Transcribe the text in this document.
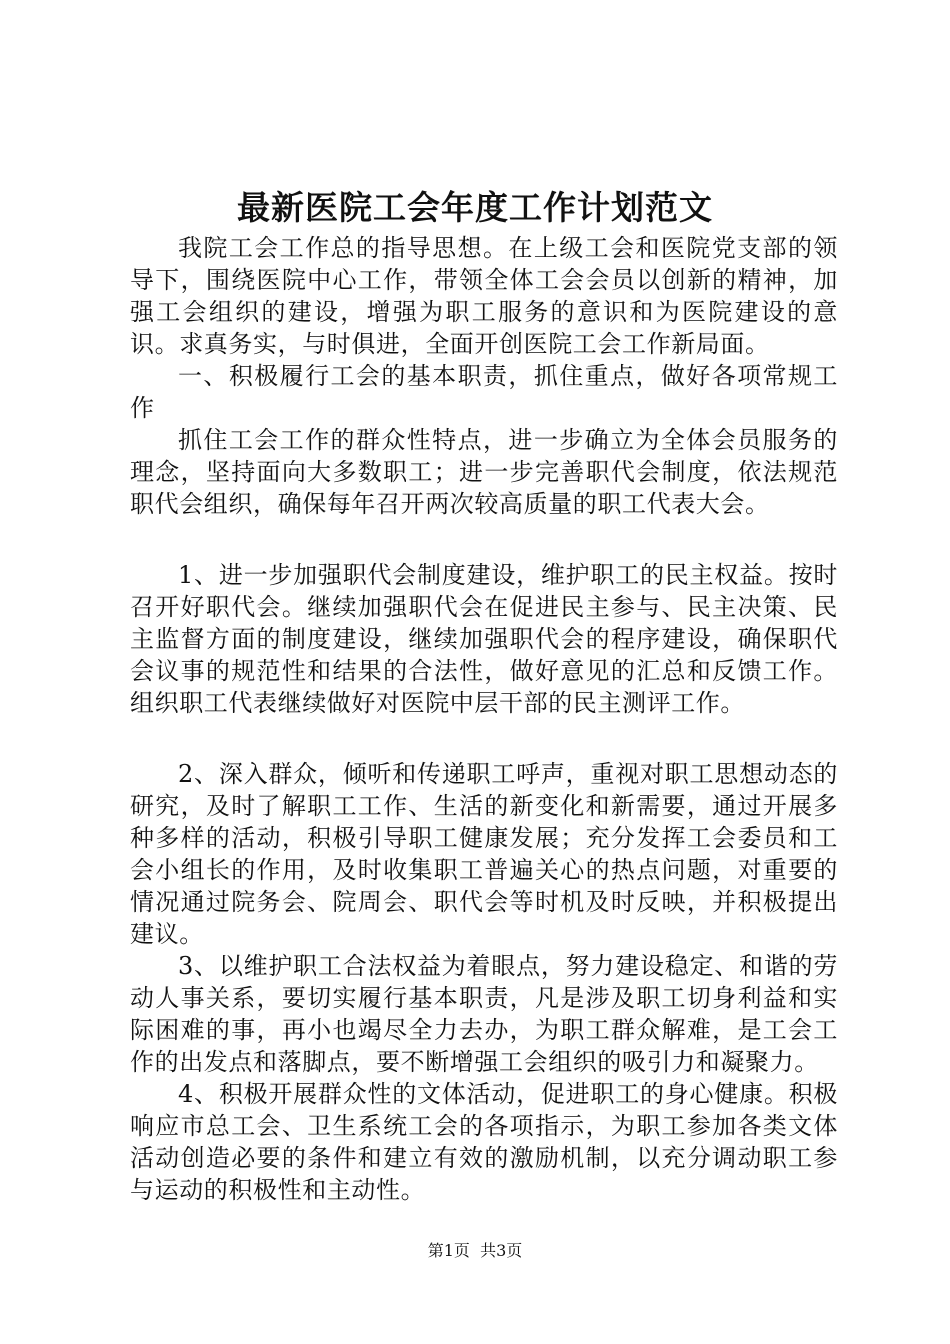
最新医院工会年度工作计划范文

我院工会工作总的指导思想。在上级工会和医院党支部的领导下，围绕医院中心工作，带领全体工会会员以创新的精神，加强工会组织的建设，增强为职工服务的意识和为医院建设的意识。求真务实，与时俱进，全面开创医院工会工作新局面。

一、积极履行工会的基本职责，抓住重点，做好各项常规工作

抓住工会工作的群众性特点，进一步确立为全体会员服务的理念，坚持面向大多数职工；进一步完善职代会制度，依法规范职代会组织，确保每年召开两次较高质量的职工代表大会。

1、进一步加强职代会制度建设，维护职工的民主权益。按时召开好职代会。继续加强职代会在促进民主参与、民主决策、民主监督方面的制度建设，继续加强职代会的程序建设，确保职代会议事的规范性和结果的合法性，做好意见的汇总和反馈工作。组织职工代表继续做好对医院中层干部的民主测评工作。

2、深入群众，倾听和传递职工呼声，重视对职工思想动态的研究，及时了解职工工作、生活的新变化和新需要，通过开展多种多样的活动，积极引导职工健康发展；充分发挥工会委员和工会小组长的作用，及时收集职工普遍关心的热点问题，对重要的情况通过院务会、院周会、职代会等时机及时反映，并积极提出建议。

3、以维护职工合法权益为着眼点，努力建设稳定、和谐的劳动人事关系，要切实履行基本职责，凡是涉及职工切身利益和实际困难的事，再小也竭尽全力去办，为职工群众解难，是工会工作的出发点和落脚点，要不断增强工会组织的吸引力和凝聚力。

4、积极开展群众性的文体活动，促进职工的身心健康。积极响应市总工会、卫生系统工会的各项指示，为职工参加各类文体活动创造必要的条件和建立有效的激励机制，以充分调动职工参与运动的积极性和主动性。

第1页 共3页
